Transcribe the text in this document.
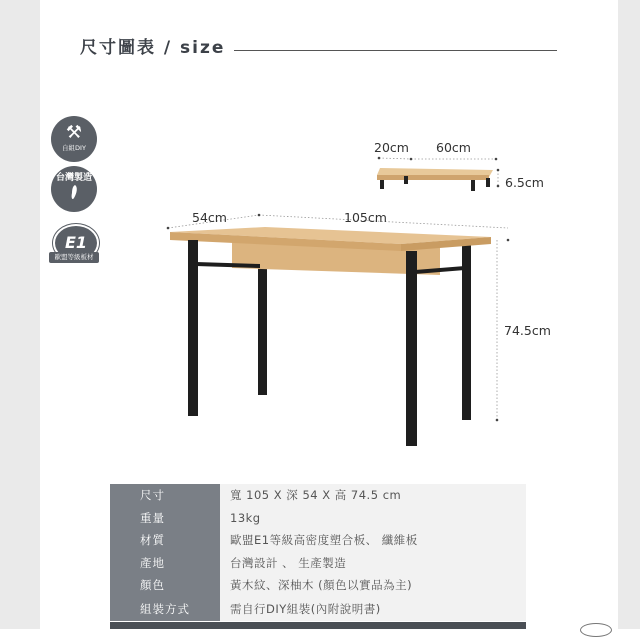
尺寸圖表 / size
⚒
自組DIY
台灣製造
E1
歐盟等級板材
20cm 60cm
6.5cm
54cm	105cm
74.5cm
尺寸	寬 105 X 深 54 X 高 74.5 cm
重量	13kg
材質	歐盟E1等級高密度塑合板、 纖維板
產地	台灣設計 、 生產製造
顏色	黃木紋、深柚木 (顏色以實品為主)
組裝方式	需自行DIY組裝(內附說明書)
